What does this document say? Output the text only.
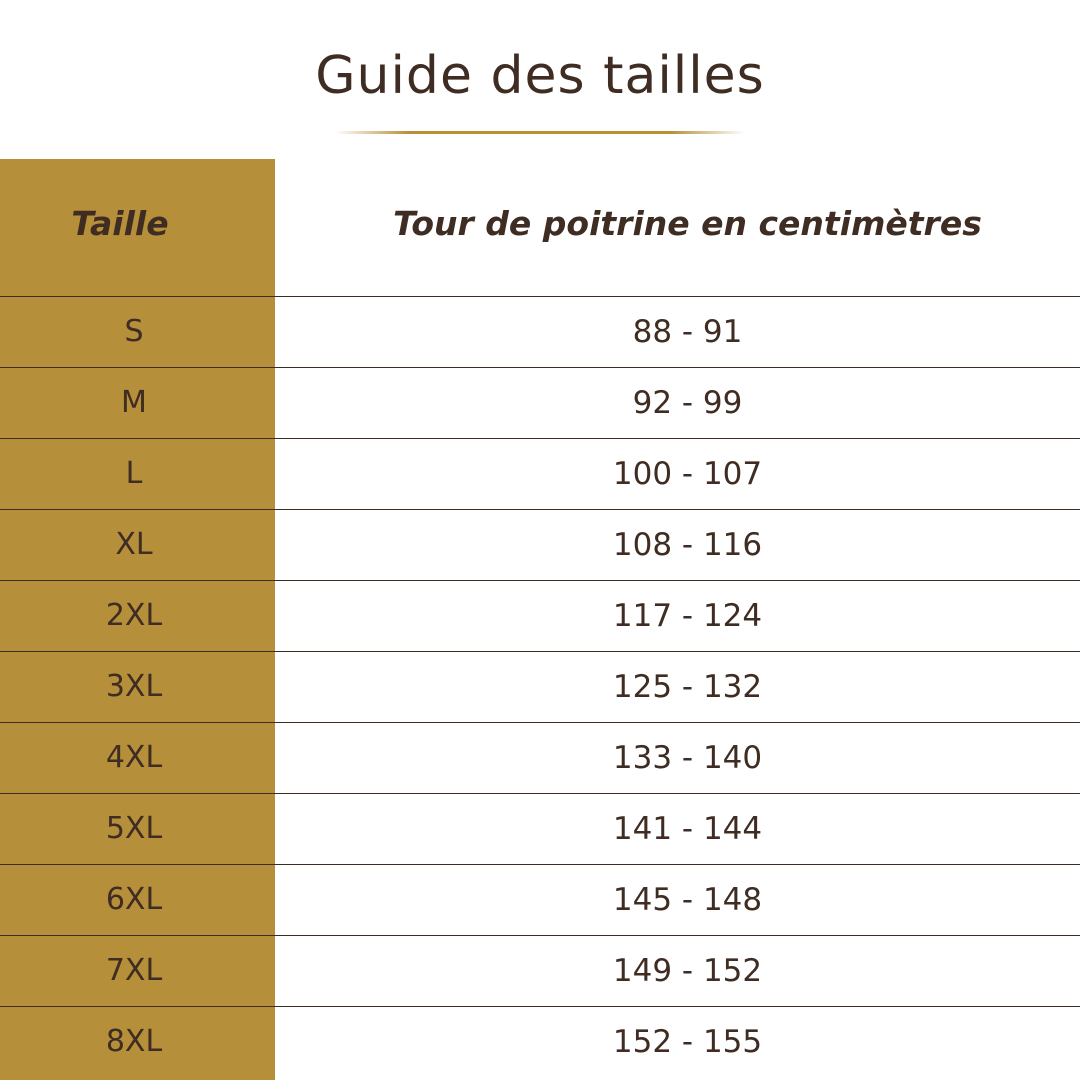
Guide des tailles
Taille	Tour de poitrine en centimètres
S	88 - 91
M	92 - 99
L	100 - 107
XL	108 - 116
2XL	117 - 124
3XL	125 - 132
4XL	133 - 140
5XL	141 - 144
6XL	145 - 148
7XL	149 - 152
8XL	152 - 155
